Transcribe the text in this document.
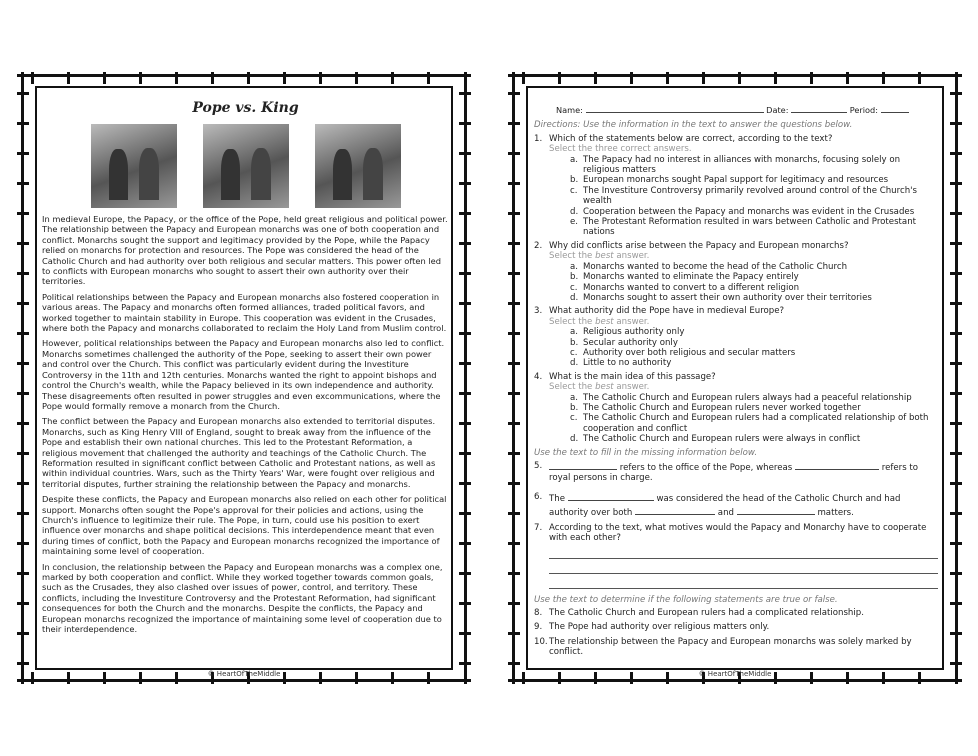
Pope vs. King

In medieval Europe, the Papacy, or the office of the Pope, held great religious and political power. The relationship between the Papacy and European monarchs was one of both cooperation and conflict. Monarchs sought the support and legitimacy provided by the Pope, while the Papacy relied on monarchs for protection and resources. The Pope was considered the head of the Catholic Church and had authority over both religious and secular matters. This power often led to conflicts with European monarchs who sought to assert their own authority over their territories.

Political relationships between the Papacy and European monarchs also fostered cooperation in various areas. The Papacy and monarchs often formed alliances, traded political favors, and worked together to maintain stability in Europe. This cooperation was evident in the Crusades, where both the Papacy and monarchs collaborated to reclaim the Holy Land from Muslim control.

However, political relationships between the Papacy and European monarchs also led to conflict. Monarchs sometimes challenged the authority of the Pope, seeking to assert their own power and control over the Church. This conflict was particularly evident during the Investiture Controversy in the 11th and 12th centuries. Monarchs wanted the right to appoint bishops and control the Church's wealth, while the Papacy believed in its own independence and authority. These disagreements often resulted in power struggles and even excommunications, where the Pope would formally remove a monarch from the Church.

The conflict between the Papacy and European monarchs also extended to territorial disputes. Monarchs, such as King Henry VIII of England, sought to break away from the influence of the Pope and establish their own national churches. This led to the Protestant Reformation, a religious movement that challenged the authority and teachings of the Catholic Church. The Reformation resulted in significant conflict between Catholic and Protestant nations, as well as within individual countries. Wars, such as the Thirty Years' War, were fought over religious and territorial disputes, further straining the relationship between the Papacy and monarchs.

Despite these conflicts, the Papacy and European monarchs also relied on each other for political support. Monarchs often sought the Pope's approval for their policies and actions, using the Church's influence to legitimize their rule. The Pope, in turn, could use his position to exert influence over monarchs and shape political decisions. This interdependence meant that even during times of conflict, both the Papacy and European monarchs recognized the importance of maintaining some level of cooperation.

In conclusion, the relationship between the Papacy and European monarchs was a complex one, marked by both cooperation and conflict. While they worked together towards common goals, such as the Crusades, they also clashed over issues of power, control, and territory. These conflicts, including the Investiture Controversy and the Protestant Reformation, had significant consequences for both the Church and the monarchs. Despite the conflicts, the Papacy and European monarchs recognized the importance of maintaining some level of cooperation due to their interdependence.

© HeartOfTheMiddle
Name:	Date:	Period:
Directions: Use the information in the text to answer the questions below.
1. Which of the statements below are correct, according to the text?
Select the three correct answers.
a. The Papacy had no interest in alliances with monarchs, focusing solely on religious matters
b. European monarchs sought Papal support for legitimacy and resources
c. The Investiture Controversy primarily revolved around control of the Church's wealth
d. Cooperation between the Papacy and monarchs was evident in the Crusades
e. The Protestant Reformation resulted in wars between Catholic and Protestant nations
2. Why did conflicts arise between the Papacy and European monarchs?
Select the best answer.
a. Monarchs wanted to become the head of the Catholic Church
b. Monarchs wanted to eliminate the Papacy entirely
c. Monarchs wanted to convert to a different religion
d. Monarchs sought to assert their own authority over their territories
3. What authority did the Pope have in medieval Europe?
Select the best answer.
a. Religious authority only
b. Secular authority only
c. Authority over both religious and secular matters
d. Little to no authority
4. What is the main idea of this passage?
Select the best answer.
a. The Catholic Church and European rulers always had a peaceful relationship
b. The Catholic Church and European rulers never worked together
c. The Catholic Church and European rulers had a complicated relationship of both cooperation and conflict
d. The Catholic Church and European rulers were always in conflict
Use the text to fill in the missing information below.
5.	refers to the office of the Pope, whereas	refers to royal persons in charge.
6. The	was considered the head of the Catholic Church and had authority over both	and	matters.
7. According to the text, what motives would the Papacy and Monarchy have to cooperate with each other?
Use the text to determine if the following statements are true or false.
8. The Catholic Church and European rulers had a complicated relationship.
9. The Pope had authority over religious matters only.
10. The relationship between the Papacy and European monarchs was solely marked by conflict.
© HeartOfTheMiddle
